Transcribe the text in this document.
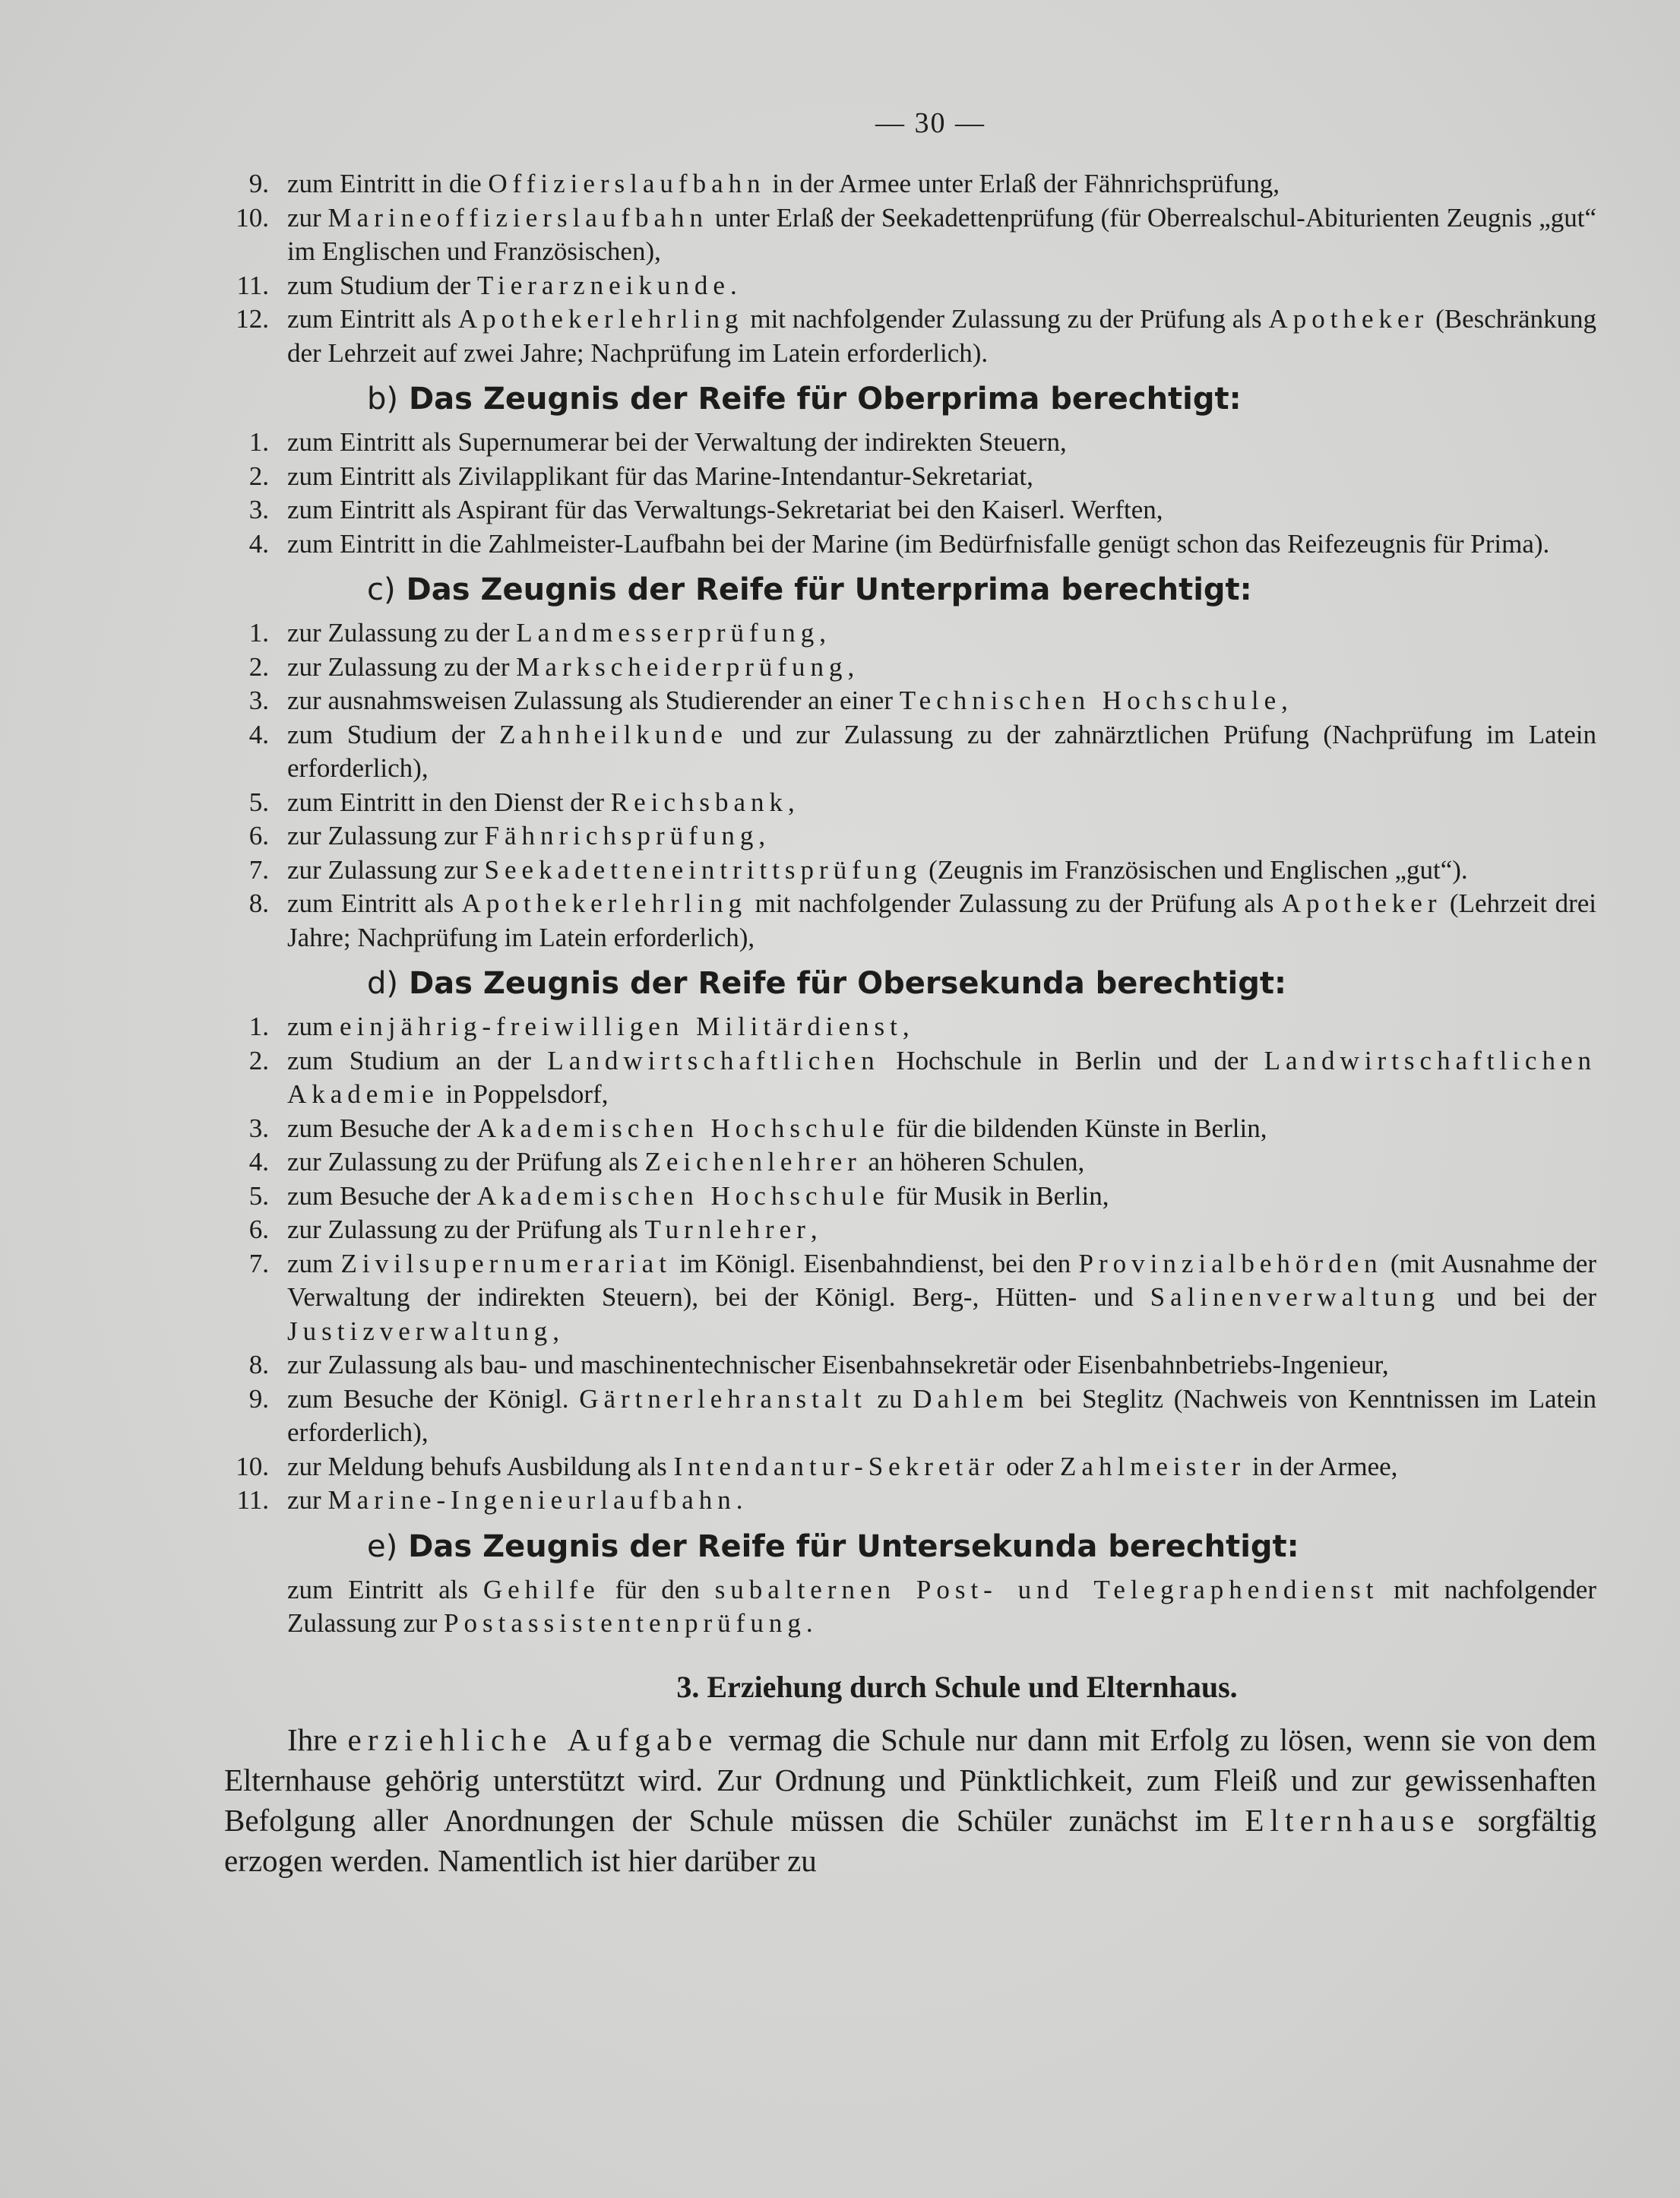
— 30 —
9. zum Eintritt in die Offizierslaufbahn in der Armee unter Erlaß der Fähnrichsprüfung,
10. zur Marineoffizierslaufbahn unter Erlaß der Seekadettenprüfung (für Oberrealschul-Abiturienten Zeugnis „gut“ im Englischen und Französischen),
11. zum Studium der Tierarzneikunde.
12. zum Eintritt als Apothekerlehrling mit nachfolgender Zulassung zu der Prüfung als Apotheker (Beschränkung der Lehrzeit auf zwei Jahre; Nachprüfung im Latein erforderlich).
b) Das Zeugnis der Reife für Oberprima berechtigt:
1. zum Eintritt als Supernumerar bei der Verwaltung der indirekten Steuern,
2. zum Eintritt als Zivilapplikant für das Marine-Intendantur-Sekretariat,
3. zum Eintritt als Aspirant für das Verwaltungs-Sekretariat bei den Kaiserl. Werften,
4. zum Eintritt in die Zahlmeister-Laufbahn bei der Marine (im Bedürfnisfalle genügt schon das Reifezeugnis für Prima).
c) Das Zeugnis der Reife für Unterprima berechtigt:
1. zur Zulassung zu der Landmesserprüfung,
2. zur Zulassung zu der Markscheiderprüfung,
3. zur ausnahmsweisen Zulassung als Studierender an einer Technischen Hochschule,
4. zum Studium der Zahnheilkunde und zur Zulassung zu der zahnärztlichen Prüfung (Nachprüfung im Latein erforderlich),
5. zum Eintritt in den Dienst der Reichsbank,
6. zur Zulassung zur Fähnrichsprüfung,
7. zur Zulassung zur Seekadetteneintrittsprüfung (Zeugnis im Französischen und Englischen „gut“).
8. zum Eintritt als Apothekerlehrling mit nachfolgender Zulassung zu der Prüfung als Apotheker (Lehrzeit drei Jahre; Nachprüfung im Latein erforderlich),
d) Das Zeugnis der Reife für Obersekunda berechtigt:
1. zum einjährig-freiwilligen Militärdienst,
2. zum Studium an der Landwirtschaftlichen Hochschule in Berlin und der Landwirtschaftlichen Akademie in Poppelsdorf,
3. zum Besuche der Akademischen Hochschule für die bildenden Künste in Berlin,
4. zur Zulassung zu der Prüfung als Zeichenlehrer an höheren Schulen,
5. zum Besuche der Akademischen Hochschule für Musik in Berlin,
6. zur Zulassung zu der Prüfung als Turnlehrer,
7. zum Zivilsupernumerariat im Königl. Eisenbahndienst, bei den Provinzialbehörden (mit Ausnahme der Verwaltung der indirekten Steuern), bei der Königl. Berg-, Hütten- und Salinenverwaltung und bei der Justizverwaltung,
8. zur Zulassung als bau- und maschinentechnischer Eisenbahnsekretär oder Eisenbahnbetriebs-Ingenieur,
9. zum Besuche der Königl. Gärtnerlehranstalt zu Dahlem bei Steglitz (Nachweis von Kenntnissen im Latein erforderlich),
10. zur Meldung behufs Ausbildung als Intendantur-Sekretär oder Zahlmeister in der Armee,
11. zur Marine-Ingenieurlaufbahn.
e) Das Zeugnis der Reife für Untersekunda berechtigt:
zum Eintritt als Gehilfe für den subalternen Post- und Telegraphendienst mit nachfolgender Zulassung zur Postassistentenprüfung.
3. Erziehung durch Schule und Elternhaus.
Ihre erziehliche Aufgabe vermag die Schule nur dann mit Erfolg zu lösen, wenn sie von dem Elternhause gehörig unterstützt wird. Zur Ordnung und Pünktlichkeit, zum Fleiß und zur gewissenhaften Befolgung aller Anordnungen der Schule müssen die Schüler zunächst im Elternhause sorgfältig erzogen werden. Namentlich ist hier darüber zu
